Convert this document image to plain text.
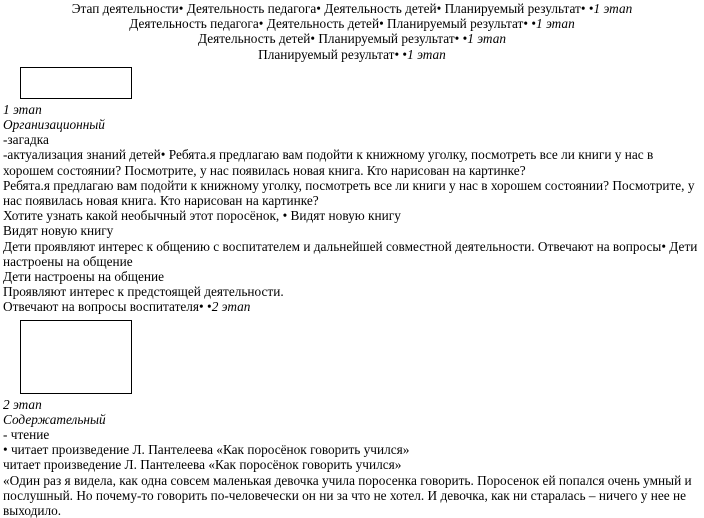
Этап деятельности• Деятельность педагога• Деятельность детей• Планируемый результат• •1 этап
Деятельность педагога• Деятельность детей• Планируемый результат• •1 этап
Деятельность детей• Планируемый результат• •1 этап
Планируемый результат• •1 этап
1 этап
Организационный
-загадка
-актуализация знаний детей• Ребята.я предлагаю вам подойти к книжному уголку, посмотреть все ли книги у нас в хорошем состоянии? Посмотрите, у нас появилась новая книга. Кто нарисован на картинке?
Ребята.я предлагаю вам подойти к книжному уголку, посмотреть все ли книги у нас в хорошем состоянии? Посмотрите, у нас появилась новая книга. Кто нарисован на картинке?
Хотите узнать какой необычный этот поросёнок, • Видят новую книгу
Видят новую книгу
Дети проявляют интерес к общению с воспитателем и дальнейшей совместной деятельности. Отвечают на вопросы• Дети настроены на общение
Дети настроены на общение
Проявляют интерес к предстоящей деятельности.
Отвечают на вопросы воспитателя• •2 этап
2 этап
Содержательный
- чтение
• читает произведение Л. Пантелеева «Как поросёнок говорить учился»
читает произведение Л. Пантелеева «Как поросёнок говорить учился»
«Один раз я видела, как одна совсем маленькая девочка учила поросенка говорить. Поросенок ей попался очень умный и послушный. Но почему-то говорить по-человечески он ни за что не хотел. И девочка, как ни старалась – ничего у нее не выходило.
